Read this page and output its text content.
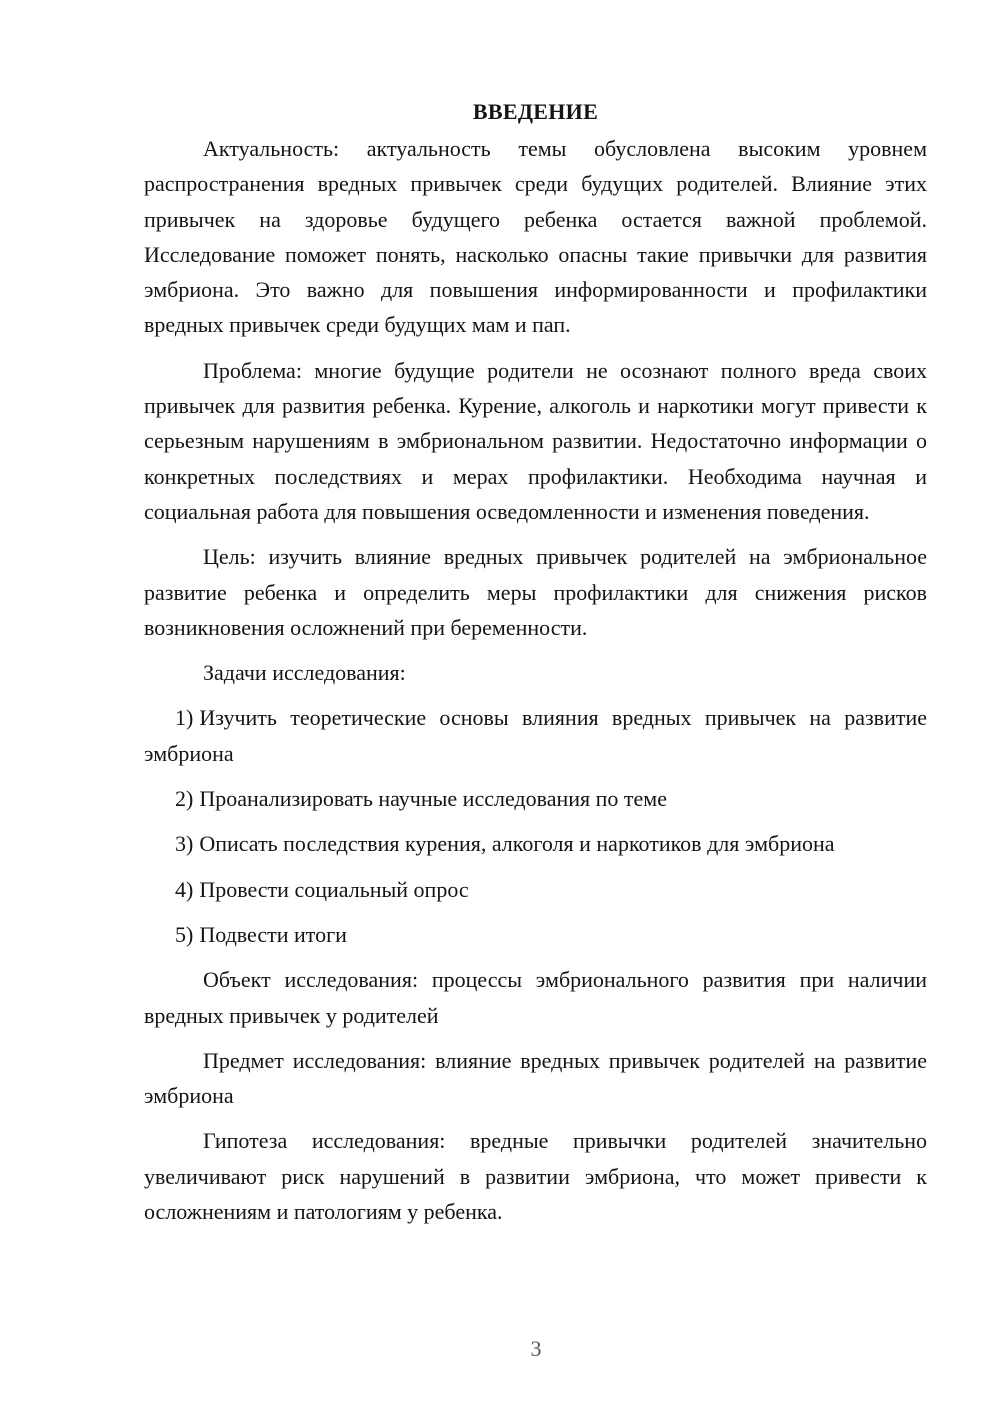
ВВЕДЕНИЕ

Актуальность: актуальность темы обусловлена высоким уровнем распространения вредных привычек среди будущих родителей. Влияние этих привычек на здоровье будущего ребенка остается важной проблемой. Исследование поможет понять, насколько опасны такие привычки для развития эмбриона. Это важно для повышения информированности и профилактики вредных привычек среди будущих мам и пап.

Проблема: многие будущие родители не осознают полного вреда своих привычек для развития ребенка. Курение, алкоголь и наркотики могут привести к серьезным нарушениям в эмбриональном развитии. Недостаточно информации о конкретных последствиях и мерах профилактики. Необходима научная и социальная работа для повышения осведомленности и изменения поведения.

Цель: изучить влияние вредных привычек родителей на эмбриональное развитие ребенка и определить меры профилактики для снижения рисков возникновения осложнений при беременности.

Задачи исследования:

1) Изучить теоретические основы влияния вредных привычек на развитие эмбриона

2) Проанализировать научные исследования по теме

3) Описать последствия курения, алкоголя и наркотиков для эмбриона

4) Провести социальный опрос

5) Подвести итоги

Объект исследования: процессы эмбрионального развития при наличии вредных привычек у родителей

Предмет исследования: влияние вредных привычек родителей на развитие эмбриона

Гипотеза исследования: вредные привычки родителей значительно увеличивают риск нарушений в развитии эмбриона, что может привести к осложнениям и патологиям у ребенка.

3
